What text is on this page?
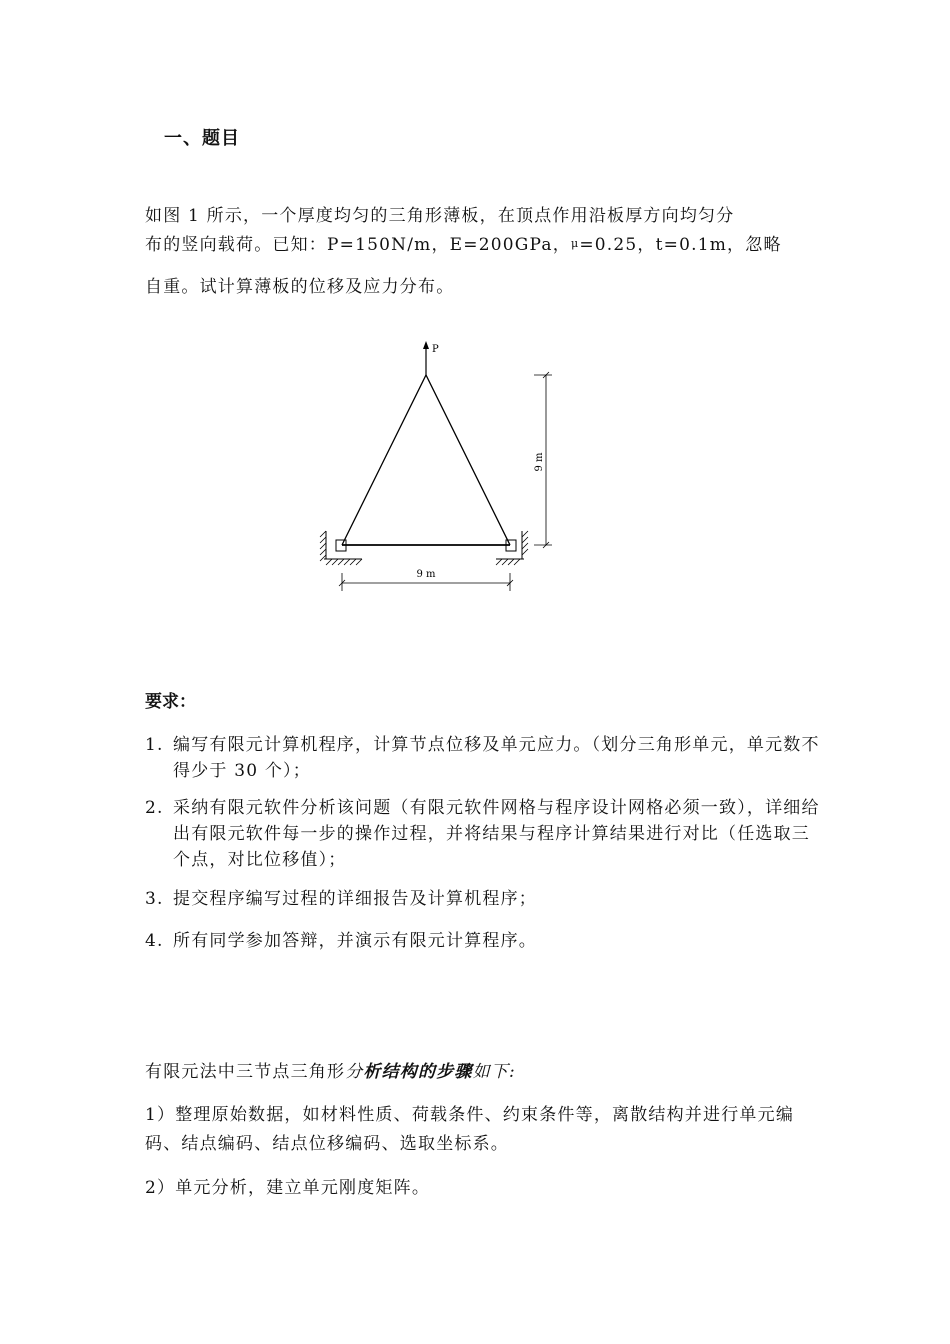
一、题目
如图 1 所示，一个厚度均匀的三角形薄板，在顶点作用沿板厚方向均匀分
布的竖向载荷。已知：P=150N/m，E=200GPa，μ=0.25，t=0.1m，忽略
自重。试计算薄板的位移及应力分布。
P
9 m
9 m
要求：
1. 编写有限元计算机程序，计算节点位移及单元应力。（划分三角形单元，单元数不得少于 30 个）；
2. 采纳有限元软件分析该问题（有限元软件网格与程序设计网格必须一致），详细给出有限元软件每一步的操作过程，并将结果与程序计算结果进行对比（任选取三个点，对比位移值）；
3. 提交程序编写过程的详细报告及计算机程序；
4. 所有同学参加答辩，并演示有限元计算程序。
有限元法中三节点三角形分析结构的步骤如下:
1）整理原始数据，如材料性质、荷载条件、约束条件等，离散结构并进行单元编码、结点编码、结点位移编码、选取坐标系。
2）单元分析，建立单元刚度矩阵。
